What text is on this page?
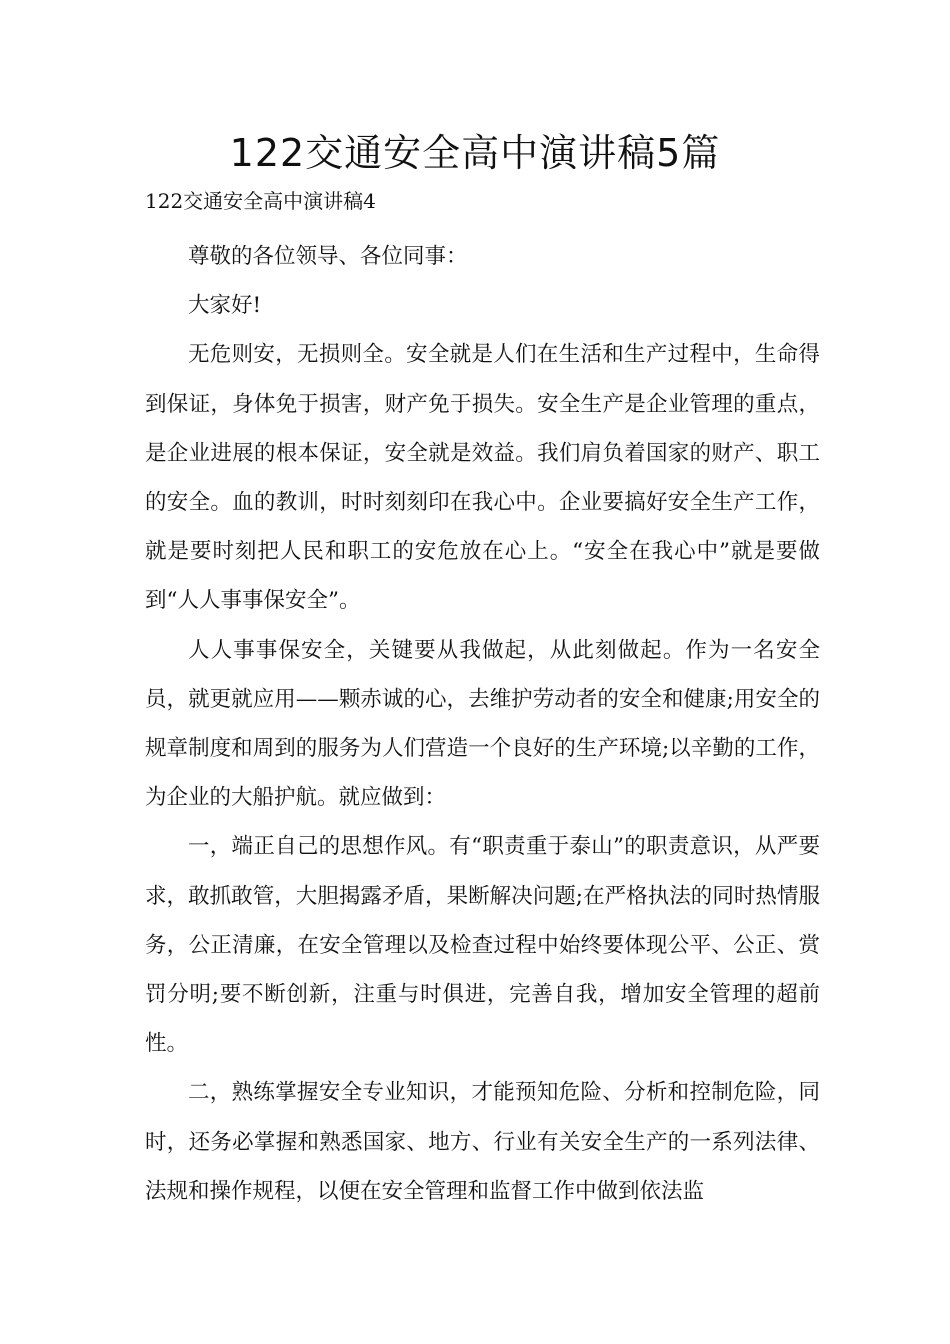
122交通安全高中演讲稿5篇
122交通安全高中演讲稿4

尊敬的各位领导、各位同事：

大家好!

无危则安，无损则全。安全就是人们在生活和生产过程中，生命得到保证，身体免于损害，财产免于损失。安全生产是企业管理的重点，是企业进展的根本保证，安全就是效益。我们肩负着国家的财产、职工的安全。血的教训，时时刻刻印在我心中。企业要搞好安全生产工作，就是要时刻把人民和职工的安危放在心上。“安全在我心中”就是要做到“人人事事保安全”。

人人事事保安全，关键要从我做起，从此刻做起。作为一名安全员，就更就应用——颗赤诚的心，去维护劳动者的安全和健康;用安全的规章制度和周到的服务为人们营造一个良好的生产环境;以辛勤的工作，为企业的大船护航。就应做到：

一，端正自己的思想作风。有“职责重于泰山”的职责意识，从严要求，敢抓敢管，大胆揭露矛盾，果断解决问题;在严格执法的同时热情服务，公正清廉，在安全管理以及检查过程中始终要体现公平、公正、赏罚分明;要不断创新，注重与时俱进，完善自我，增加安全管理的超前性。

二，熟练掌握安全专业知识，才能预知危险、分析和控制危险，同时，还务必掌握和熟悉国家、地方、行业有关安全生产的一系列法律、法规和操作规程，以便在安全管理和监督工作中做到依法监
